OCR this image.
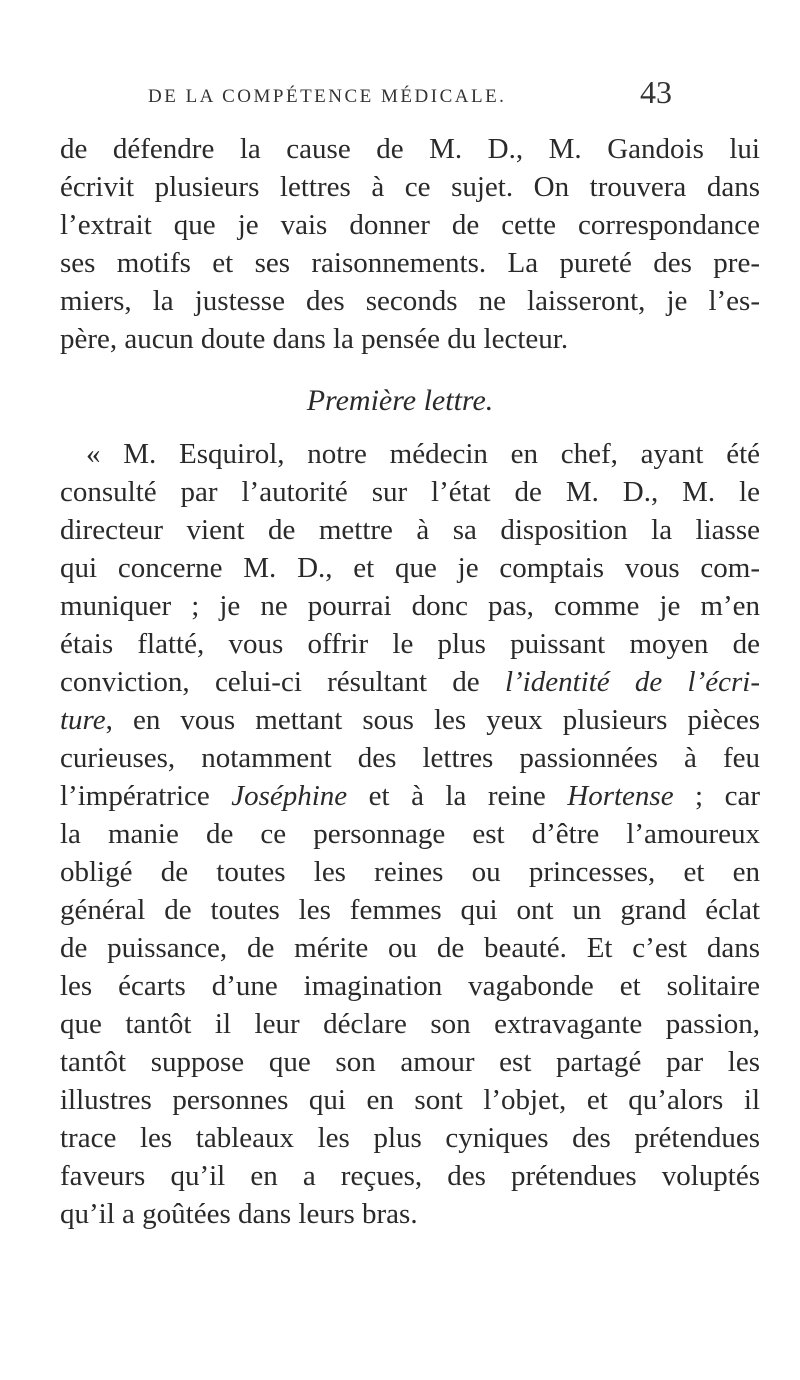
DE LA COMPÉTENCE MÉDICALE.	43
de défendre la cause de M. D., M. Gandois lui
écrivit plusieurs lettres à ce sujet. On trouvera dans
l’extrait que je vais donner de cette correspondance
ses motifs et ses raisonnements. La pureté des pre-
miers, la justesse des seconds ne laisseront, je l’es-
père, aucun doute dans la pensée du lecteur.
Première lettre.
« M. Esquirol, notre médecin en chef, ayant été
consulté par l’autorité sur l’état de M. D., M. le
directeur vient de mettre à sa disposition la liasse
qui concerne M. D., et que je comptais vous com-
muniquer ; je ne pourrai donc pas, comme je m’en
étais flatté, vous offrir le plus puissant moyen de
conviction, celui-ci résultant de l’identité de l’écri-
ture, en vous mettant sous les yeux plusieurs pièces
curieuses, notamment des lettres passionnées à feu
l’impératrice Joséphine et à la reine Hortense ; car
la manie de ce personnage est d’être l’amoureux
obligé de toutes les reines ou princesses, et en
général de toutes les femmes qui ont un grand éclat
de puissance, de mérite ou de beauté. Et c’est dans
les écarts d’une imagination vagabonde et solitaire
que tantôt il leur déclare son extravagante passion,
tantôt suppose que son amour est partagé par les
illustres personnes qui en sont l’objet, et qu’alors il
trace les tableaux les plus cyniques des prétendues
faveurs qu’il en a reçues, des prétendues voluptés
qu’il a goûtées dans leurs bras.
